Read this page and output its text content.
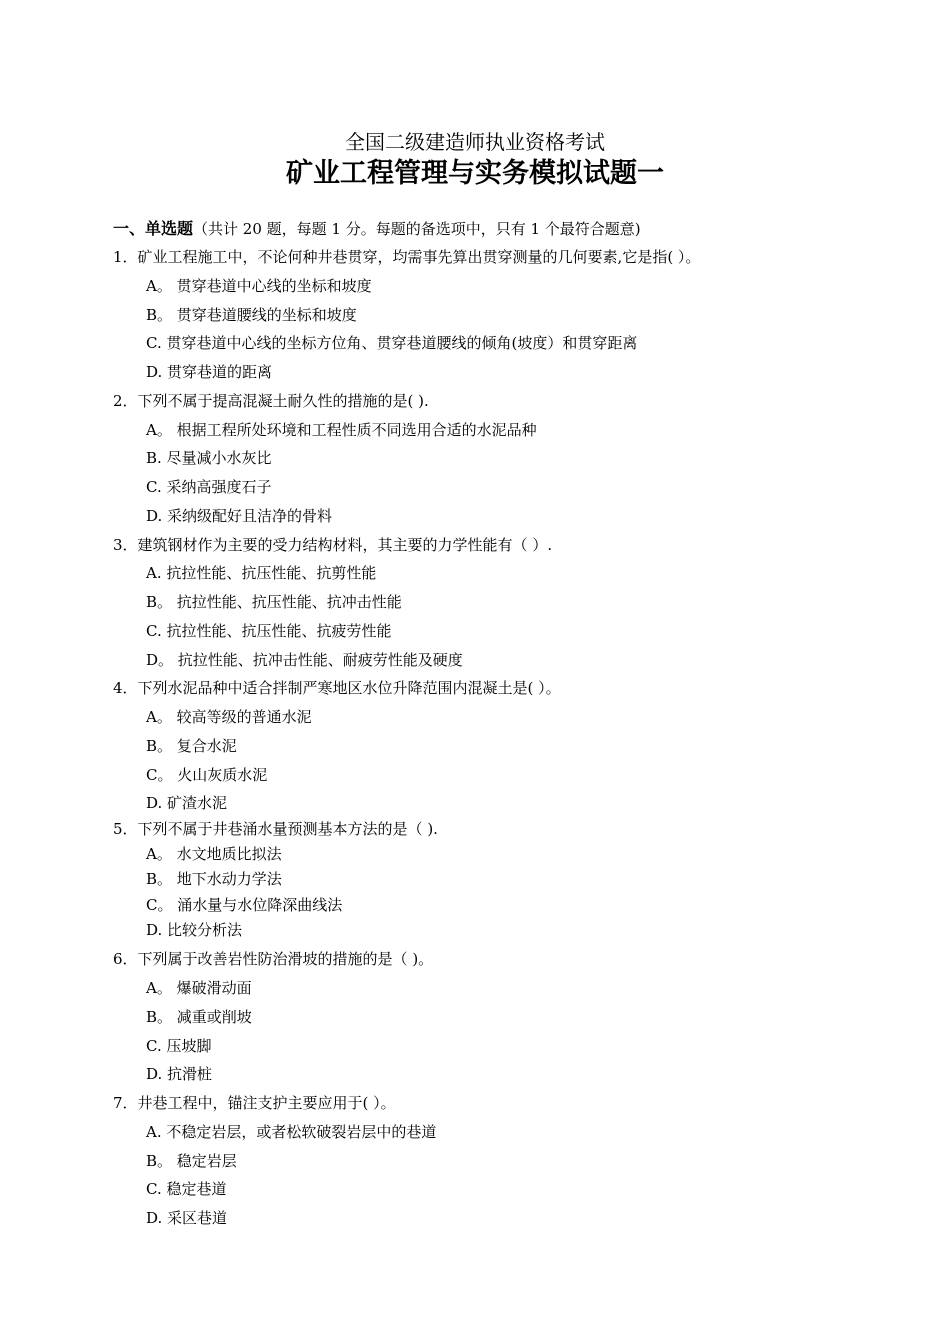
全国二级建造师执业资格考试
矿业工程管理与实务模拟试题一
一、单选题（共计 20 题，每题 1 分。每题的备选项中，只有 1 个最符合题意)
1．矿业工程施工中，不论何种井巷贯穿，均需事先算出贯穿测量的几何要素,它是指( ）。
A。 贯穿巷道中心线的坐标和坡度
B。 贯穿巷道腰线的坐标和坡度
C. 贯穿巷道中心线的坐标方位角、贯穿巷道腰线的倾角(坡度）和贯穿距离
D. 贯穿巷道的距离
2．下列不属于提高混凝土耐久性的措施的是( ).
A。 根据工程所处环境和工程性质不同选用合适的水泥品种
B. 尽量减小水灰比
C. 采纳高强度石子
D. 采纳级配好且洁净的骨料
3．建筑钢材作为主要的受力结构材料，其主要的力学性能有（ ）.
A. 抗拉性能、抗压性能、抗剪性能
B。 抗拉性能、抗压性能、抗冲击性能
C. 抗拉性能、抗压性能、抗疲劳性能
D。 抗拉性能、抗冲击性能、耐疲劳性能及硬度
4．下列水泥品种中适合拌制严寒地区水位升降范围内混凝土是( ）。
A。 较高等级的普通水泥
B。 复合水泥
C。 火山灰质水泥
D. 矿渣水泥
5．下列不属于井巷涌水量预测基本方法的是（ ).
A。 水文地质比拟法
B。 地下水动力学法
C。 涌水量与水位降深曲线法
D. 比较分析法
6．下列属于改善岩性防治滑坡的措施的是（ )。
A。 爆破滑动面
B。 减重或削坡
C. 压坡脚
D. 抗滑桩
7．井巷工程中，锚注支护主要应用于( ）。
A. 不稳定岩层，或者松软破裂岩层中的巷道
B。 稳定岩层
C. 稳定巷道
D. 采区巷道
